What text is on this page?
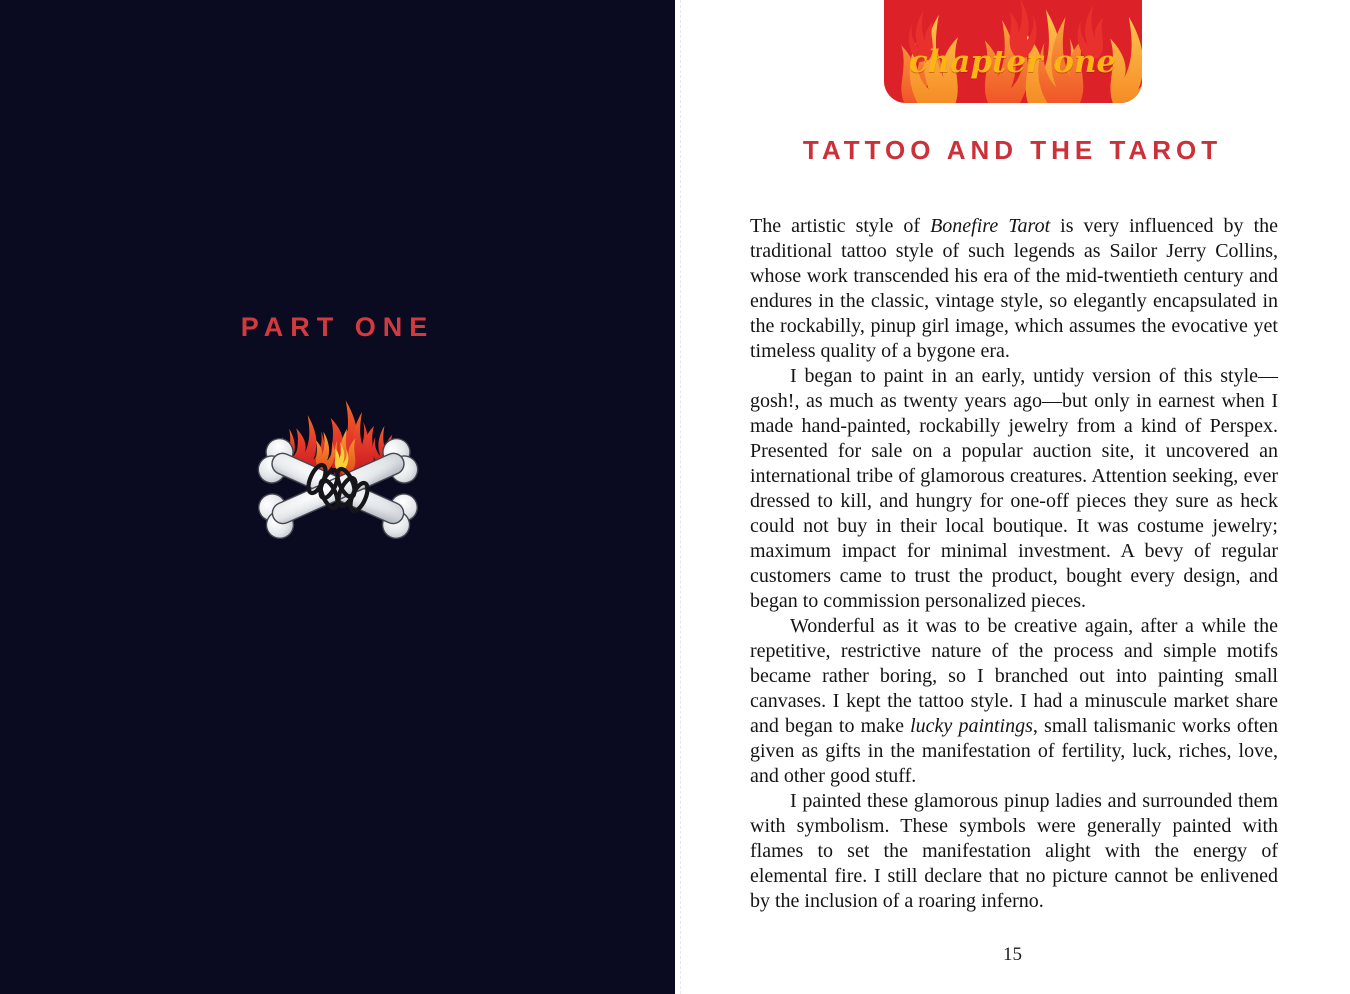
PART ONE
chapter one
TATTOO AND THE TAROT

The artistic style of Bonefire Tarot is very influenced by the traditional tattoo style of such legends as Sailor Jerry Collins, whose work transcended his era of the mid-twentieth century and endures in the classic, vintage style, so elegantly encapsulated in the rockabilly, pinup girl image, which assumes the evocative yet timeless quality of a bygone era.

I began to paint in an early, untidy version of this style—gosh!, as much as twenty years ago—but only in earnest when I made hand-painted, rockabilly jewelry from a kind of Perspex. Presented for sale on a popular auction site, it uncovered an international tribe of glamorous creatures. Attention seeking, ever dressed to kill, and hungry for one-off pieces they sure as heck could not buy in their local boutique. It was costume jewelry; maximum impact for minimal investment. A bevy of regular customers came to trust the product, bought every design, and began to commission personalized pieces.

Wonderful as it was to be creative again, after a while the repetitive, restrictive nature of the process and simple motifs became rather boring, so I branched out into painting small canvases. I kept the tattoo style. I had a minuscule market share and began to make lucky paintings, small talismanic works often given as gifts in the manifestation of fertility, luck, riches, love, and other good stuff.

I painted these glamorous pinup ladies and surrounded them with symbolism. These symbols were generally painted with flames to set the manifestation alight with the energy of elemental fire. I still declare that no picture cannot be enlivened by the inclusion of a roaring inferno.

15
